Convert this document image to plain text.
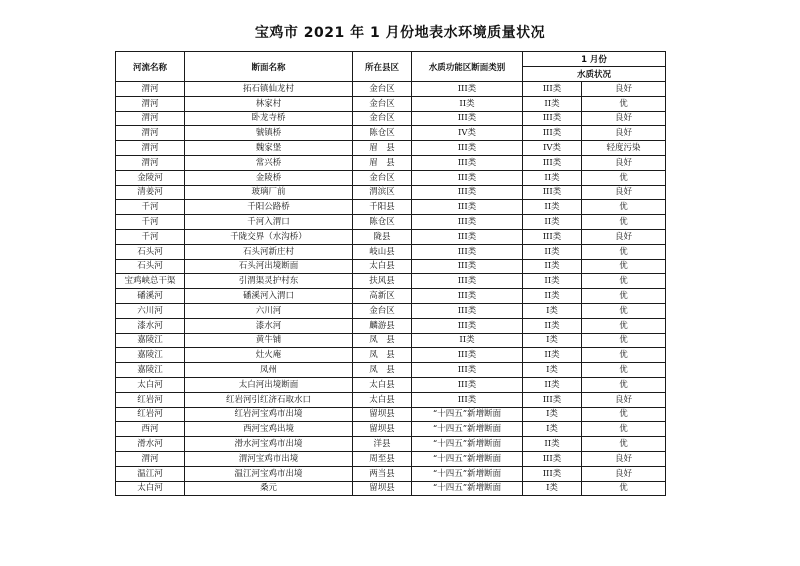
宝鸡市 2021 年 1 月份地表水环境质量状况
河流名称	断面名称	所在县区	水质功能区断面类别	1 月份	
				水质状况	
渭河	拓石镇仙龙村	金台区	III类	III类	良好
渭河	林家村	金台区	II类	II类	优
渭河	卧龙寺桥	金台区	III类	III类	良好
渭河	虢镇桥	陈仓区	IV类	III类	良好
渭河	魏家堡	眉　县	III类	IV类	轻度污染
渭河	常兴桥	眉　县	III类	III类	良好
金陵河	金陵桥	金台区	III类	II类	优
清姜河	玻璃厂前	渭滨区	III类	III类	良好
千河	千阳公路桥	千阳县	III类	II类	优
千河	千河入渭口	陈仓区	III类	II类	优
千河	千陇交界（水沟桥）	陇县	III类	III类	良好
石头河	石头河新庄村	岐山县	III类	II类	优
石头河	石头河出境断面	太白县	III类	II类	优
宝鸡峡总干渠	引渭渠灵护村东	扶风县	III类	II类	优
磻溪河	磻溪河入渭口	高新区	III类	II类	优
六川河	六川河	金台区	III类	I类	优
漆水河	漆水河	麟游县	III类	II类	优
嘉陵江	黄牛铺	凤　县	II类	I类	优
嘉陵江	灶火庵	凤　县	III类	II类	优
嘉陵江	凤州	凤　县	III类	I类	优
太白河	太白河出境断面	太白县	III类	II类	优
红岩河	红岩河引红济石取水口	太白县	III类	III类	良好
红岩河	红岩河宝鸡市出境	留坝县	“十四五”新增断面	I类	优
西河	西河宝鸡出境	留坝县	“十四五”新增断面	I类	优
滑水河	滑水河宝鸡市出境	洋县	“十四五”新增断面	II类	优
渭河	渭河宝鸡市出境	周至县	“十四五”新增断面	III类	良好
温江河	温江河宝鸡市出境	两当县	“十四五”新增断面	III类	良好
太白河	桑元	留坝县	“十四五”新增断面	I类	优
